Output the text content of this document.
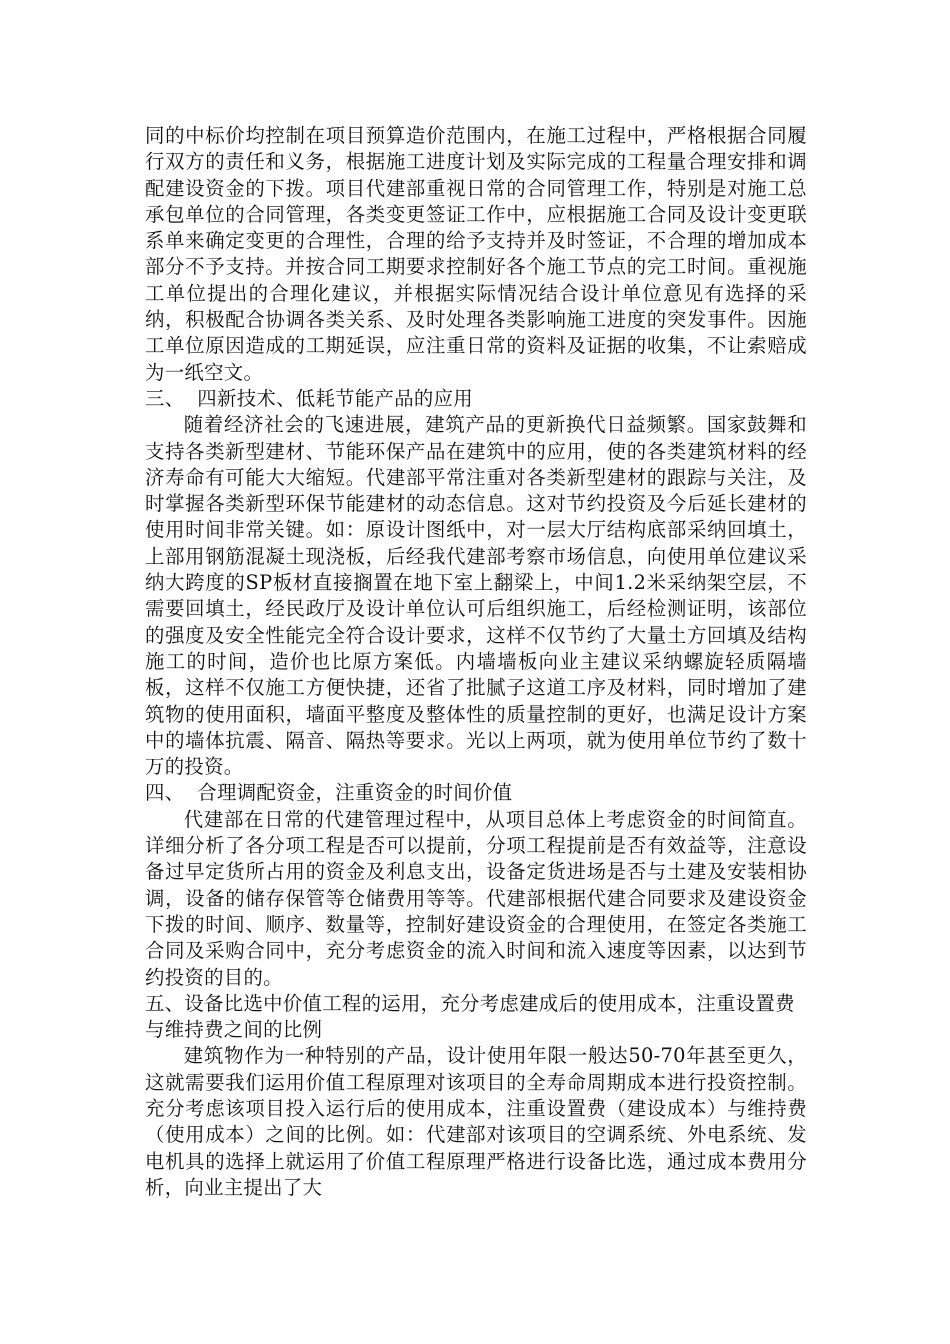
同的中标价均控制在项目预算造价范围内，在施工过程中，严格根据合同履行双方的责任和义务，根据施工进度计划及实际完成的工程量合理安排和调配建设资金的下拨。项目代建部重视日常的合同管理工作，特别是对施工总承包单位的合同管理，各类变更签证工作中，应根据施工合同及设计变更联系单来确定变更的合理性，合理的给予支持并及时签证，不合理的增加成本部分不予支持。并按合同工期要求控制好各个施工节点的完工时间。重视施工单位提出的合理化建议，并根据实际情况结合设计单位意见有选择的采纳，积极配合协调各类关系、及时处理各类影响施工进度的突发事件。因施工单位原因造成的工期延误，应注重日常的资料及证据的收集，不让索赔成为一纸空文。

三、  四新技术、低耗节能产品的应用

随着经济社会的飞速进展，建筑产品的更新换代日益频繁。国家鼓舞和支持各类新型建材、节能环保产品在建筑中的应用，使的各类建筑材料的经济寿命有可能大大缩短。代建部平常注重对各类新型建材的跟踪与关注，及时掌握各类新型环保节能建材的动态信息。这对节约投资及今后延长建材的使用时间非常关键。如：原设计图纸中，对一层大厅结构底部采纳回填土，上部用钢筋混凝土现浇板，后经我代建部考察市场信息，向使用单位建议采纳大跨度的SP板材直接搁置在地下室上翻梁上，中间1.2米采纳架空层，不需要回填土，经民政厅及设计单位认可后组织施工，后经检测证明，该部位的强度及安全性能完全符合设计要求，这样不仅节约了大量土方回填及结构施工的时间，造价也比原方案低。内墙墙板向业主建议采纳螺旋轻质隔墙板，这样不仅施工方便快捷，还省了批腻子这道工序及材料，同时增加了建筑物的使用面积，墙面平整度及整体性的质量控制的更好，也满足设计方案中的墙体抗震、隔音、隔热等要求。光以上两项，就为使用单位节约了数十万的投资。

四、  合理调配资金，注重资金的时间价值

代建部在日常的代建管理过程中，从项目总体上考虑资金的时间简直。详细分析了各分项工程是否可以提前，分项工程提前是否有效益等，注意设备过早定货所占用的资金及利息支出，设备定货进场是否与土建及安装相协调，设备的储存保管等仓储费用等等。代建部根据代建合同要求及建设资金下拨的时间、顺序、数量等，控制好建设资金的合理使用，在签定各类施工合同及采购合同中，充分考虑资金的流入时间和流入速度等因素，以达到节约投资的目的。

五、设备比选中价值工程的运用，充分考虑建成后的使用成本，注重设置费与维持费之间的比例

建筑物作为一种特别的产品，设计使用年限一般达50-70年甚至更久，这就需要我们运用价值工程原理对该项目的全寿命周期成本进行投资控制。充分考虑该项目投入运行后的使用成本，注重设置费（建设成本）与维持费（使用成本）之间的比例。如：代建部对该项目的空调系统、外电系统、发电机具的选择上就运用了价值工程原理严格进行设备比选，通过成本费用分析，向业主提出了大
